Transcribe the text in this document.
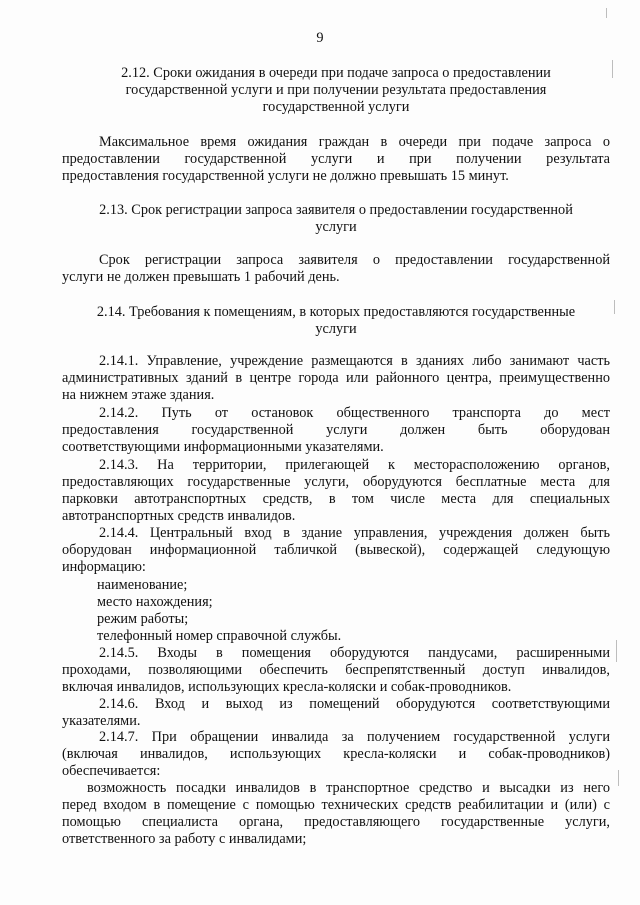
9
2.12. Сроки ожидания в очереди при подаче запроса о предоставлении
государственной услуги и при получении результата предоставления
государственной услуги
Максимальное время ожидания граждан в очереди при подаче запроса о
предоставлении государственной услуги и при получении результата
предоставления государственной услуги не должно превышать 15 минут.
2.13. Срок регистрации запроса заявителя о предоставлении государственной
услуги
Срок регистрации запроса заявителя о предоставлении государственной
услуги не должен превышать 1 рабочий день.
2.14. Требования к помещениям, в которых предоставляются государственные
услуги
2.14.1. Управление, учреждение размещаются в зданиях либо занимают часть
административных зданий в центре города или районного центра, преимущественно
на нижнем этаже здания.
2.14.2. Путь от остановок общественного транспорта до мест
предоставления государственной услуги должен быть оборудован
соответствующими информационными указателями.
2.14.3. На территории, прилегающей к месторасположению органов,
предоставляющих государственные услуги, оборудуются бесплатные места для
парковки автотранспортных средств, в том числе места для специальных
автотранспортных средств инвалидов.
2.14.4. Центральный вход в здание управления, учреждения должен быть
оборудован информационной табличкой (вывеской), содержащей следующую
информацию:
наименование;
место нахождения;
режим работы;
телефонный номер справочной службы.
2.14.5. Входы в помещения оборудуются пандусами, расширенными
проходами, позволяющими обеспечить беспрепятственный доступ инвалидов,
включая инвалидов, использующих кресла-коляски и собак-проводников.
2.14.6. Вход и выход из помещений оборудуются соответствующими
указателями.
2.14.7. При обращении инвалида за получением государственной услуги
(включая инвалидов, использующих кресла-коляски и собак-проводников)
обеспечивается:
возможность посадки инвалидов в транспортное средство и высадки из него
перед входом в помещение с помощью технических средств реабилитации и (или) с
помощью специалиста органа, предоставляющего государственные услуги,
ответственного за работу с инвалидами;
